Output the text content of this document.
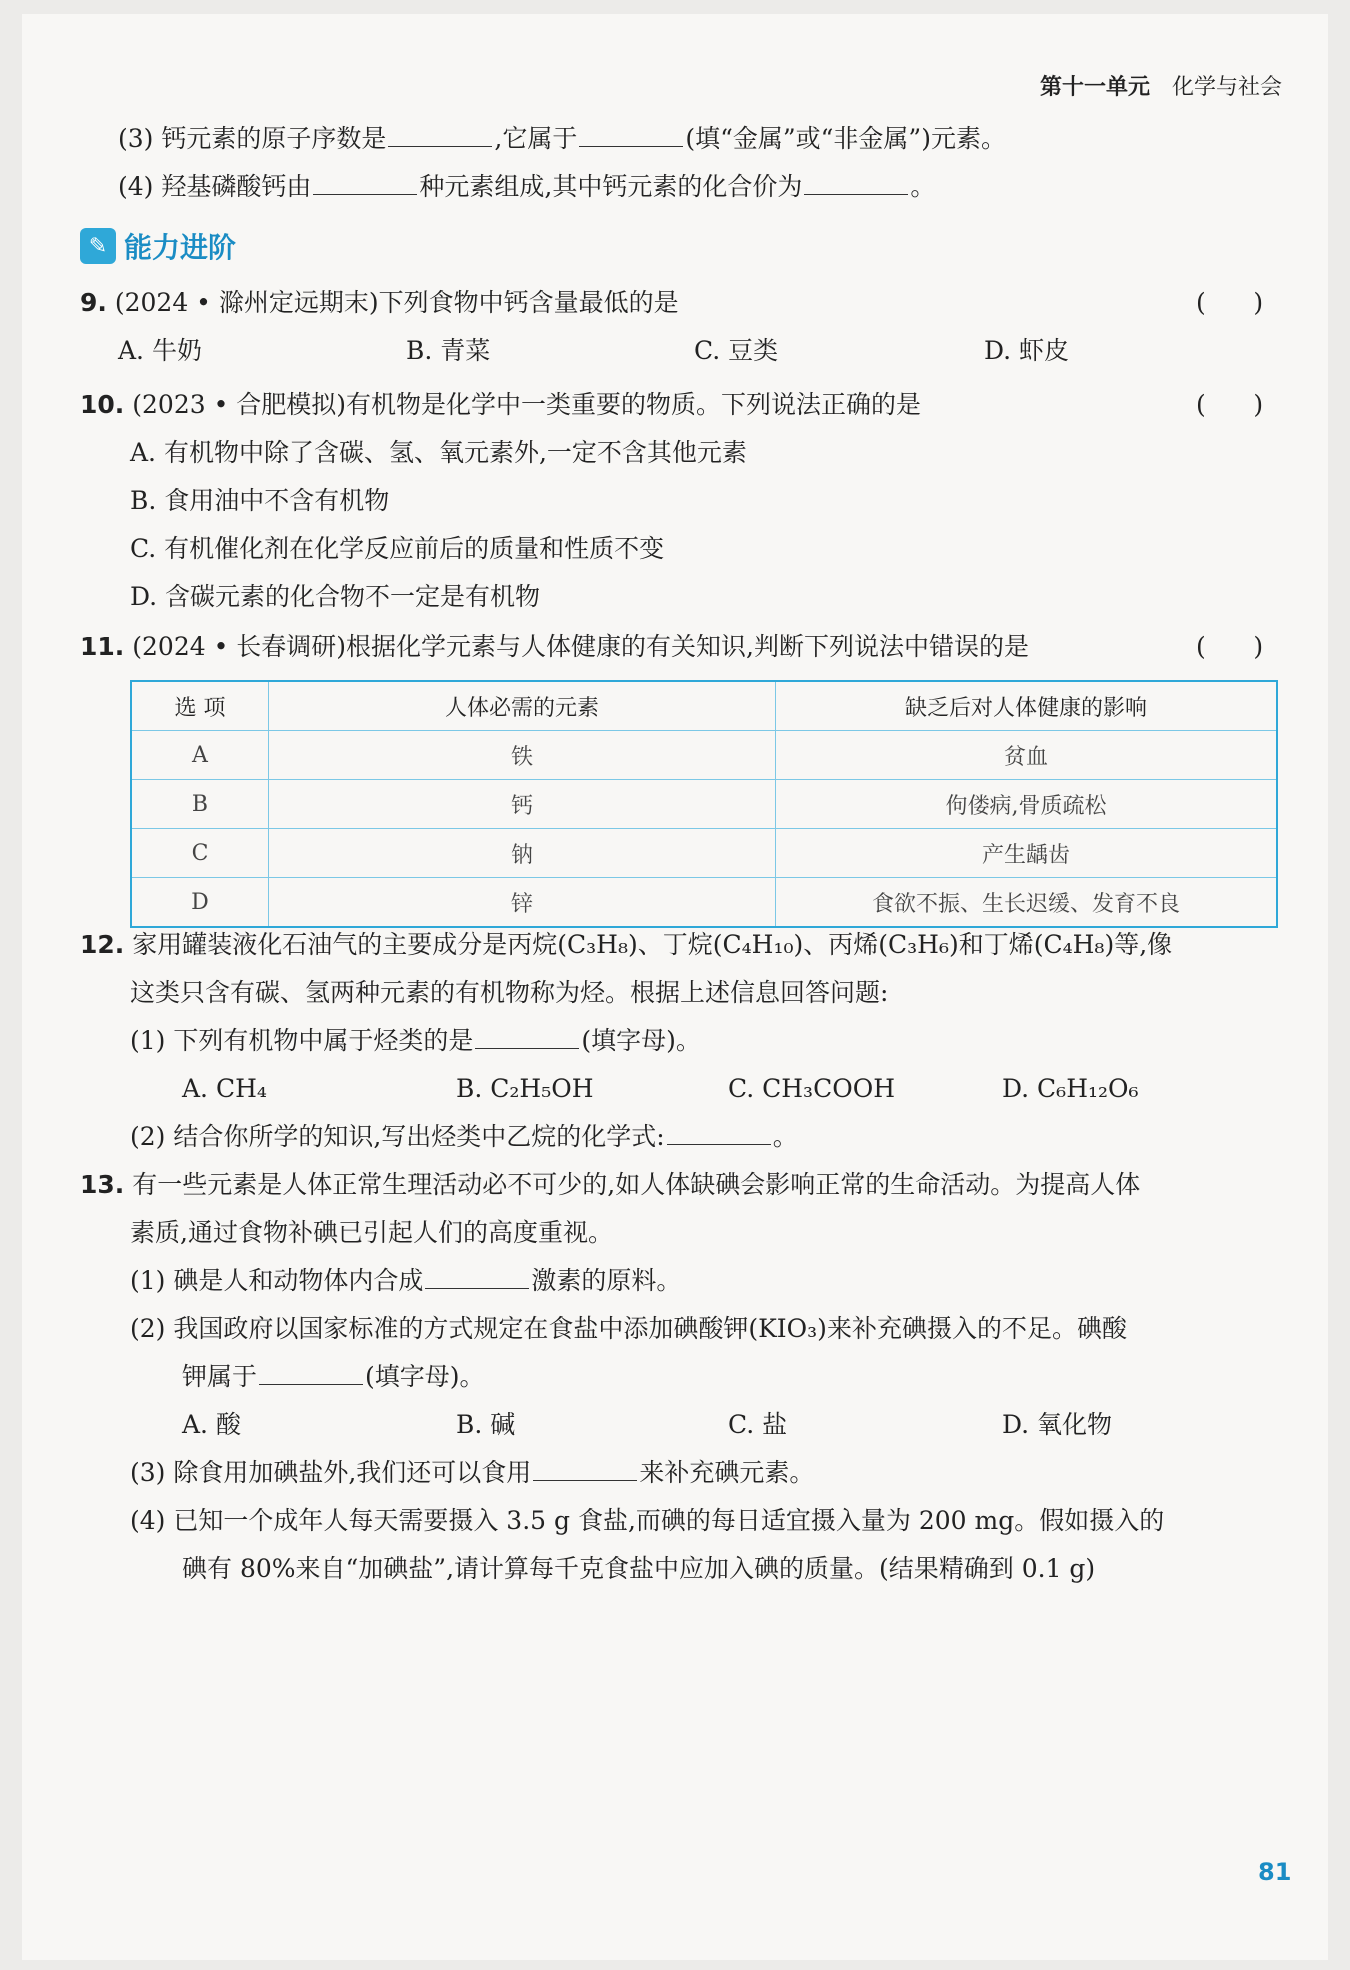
第十一单元 化学与社会
(3) 钙元素的原子序数是	,它属于	(填“金属”或“非金属”)元素。
(4) 羟基磷酸钙由	种元素组成,其中钙元素的化合价为	。
✎ 能力进阶
9. (2024 • 滁州定远期末)下列食物中钙含量最低的是	(      )
A. 牛奶	B. 青菜	C. 豆类	D. 虾皮
10. (2023 • 合肥模拟)有机物是化学中一类重要的物质。下列说法正确的是	(      )
A. 有机物中除了含碳、氢、氧元素外,一定不含其他元素
B. 食用油中不含有机物
C. 有机催化剂在化学反应前后的质量和性质不变
D. 含碳元素的化合物不一定是有机物
11. (2024 • 长春调研)根据化学元素与人体健康的有关知识,判断下列说法中错误的是	(      )
选 项	人体必需的元素	缺乏后对人体健康的影响
A	铁	贫血
B	钙	佝偻病,骨质疏松
C	钠	产生龋齿
D	锌	食欲不振、生长迟缓、发育不良
12. 家用罐装液化石油气的主要成分是丙烷(C₃H₈)、丁烷(C₄H₁₀)、丙烯(C₃H₆)和丁烯(C₄H₈)等,像
这类只含有碳、氢两种元素的有机物称为烃。根据上述信息回答问题:
(1) 下列有机物中属于烃类的是	(填字母)。
A. CH₄	B. C₂H₅OH	C. CH₃COOH	D. C₆H₁₂O₆
(2) 结合你所学的知识,写出烃类中乙烷的化学式:	。
13. 有一些元素是人体正常生理活动必不可少的,如人体缺碘会影响正常的生命活动。为提高人体
素质,通过食物补碘已引起人们的高度重视。
(1) 碘是人和动物体内合成	激素的原料。
(2) 我国政府以国家标准的方式规定在食盐中添加碘酸钾(KIO₃)来补充碘摄入的不足。碘酸
钾属于	(填字母)。
A. 酸	B. 碱	C. 盐	D. 氧化物
(3) 除食用加碘盐外,我们还可以食用	来补充碘元素。
(4) 已知一个成年人每天需要摄入 3.5 g 食盐,而碘的每日适宜摄入量为 200 mg。假如摄入的
碘有 80%来自“加碘盐”,请计算每千克食盐中应加入碘的质量。(结果精确到 0.1 g)
81
